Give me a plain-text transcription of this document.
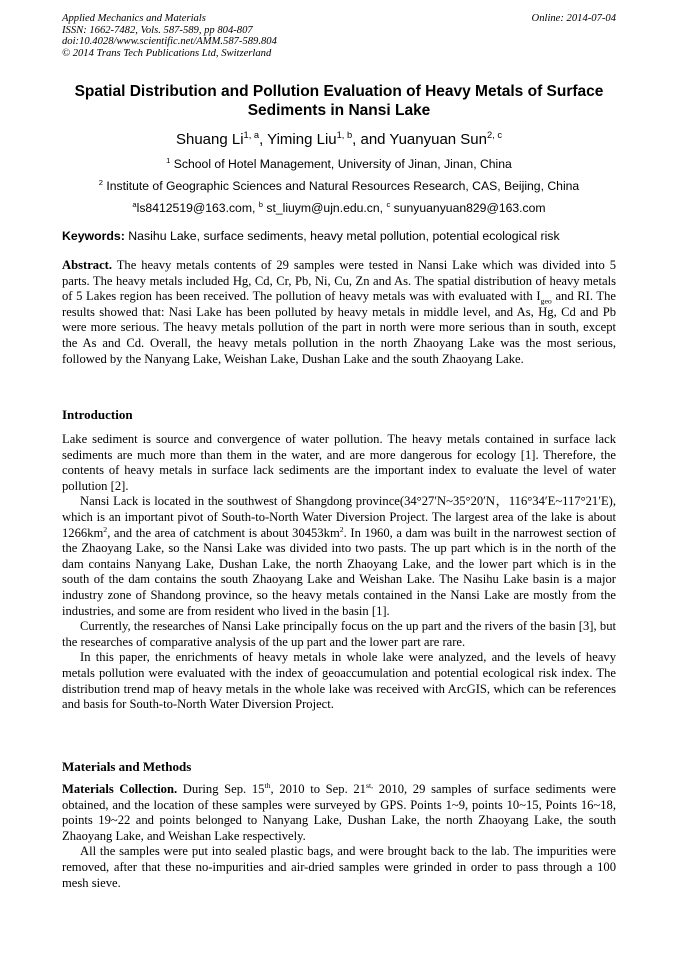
Applied Mechanics and Materials
ISSN: 1662-7482, Vols. 587-589, pp 804-807
doi:10.4028/www.scientific.net/AMM.587-589.804
© 2014 Trans Tech Publications Ltd, Switzerland
Online: 2014-07-04
Spatial Distribution and Pollution Evaluation of Heavy Metals of Surface Sediments in Nansi Lake
Shuang Li$^{1, a}$, Yiming Liu$^{1, b}$, and Yuanyuan Sun$^{2, c}$
$^1$ School of Hotel Management, University of Jinan, Jinan, China
$^2$ Institute of Geographic Sciences and Natural Resources Research, CAS, Beijing, China
$^a$ls8412519@163.com, $^b$ st_liuym@ujn.edu.cn, $^c$ sunyuanyuan829@163.com
Keywords: Nasihu Lake, surface sediments, heavy metal pollution, potential ecological risk

Abstract. The heavy metals contents of 29 samples were tested in Nansi Lake which was divided into 5 parts. The heavy metals included Hg, Cd, Cr, Pb, Ni, Cu, Zn and As. The spatial distribution of heavy metals of 5 Lakes region has been received. The pollution of heavy metals was with evaluated with $I_{geo}$ and RI. The results showed that: Nasi Lake has been polluted by heavy metals in middle level, and As, Hg, Cd and Pb were more serious. The heavy metals pollution of the part in north were more serious than in south, except the As and Cd. Overall, the heavy metals pollution in the north Zhaoyang Lake was the most serious, followed by the Nanyang Lake, Weishan Lake, Dushan Lake and the south Zhaoyang Lake.

Introduction

Lake sediment is source and convergence of water pollution. The heavy metals contained in surface lack sediments are much more than them in the water, and are more dangerous for ecology [1]. Therefore, the contents of heavy metals in surface lack sediments are the important index to evaluate the level of water pollution [2].

Nansi Lack is located in the southwest of Shangdong province(34°27′N~35°20′N，116°34′E~117°21′E), which is an important pivot of South-to-North Water Diversion Project. The largest area of the lake is about $1266km^2$, and the area of catchment is about $30453km^2$. In 1960, a dam was built in the narrowest section of the Zhaoyang Lake, so the Nansi Lake was divided into two pasts. The up part which is in the north of the dam contains Nanyang Lake, Dushan Lake, the north Zhaoyang Lake, and the lower part which is in the south of the dam contains the south Zhaoyang Lake and Weishan Lake. The Nasihu Lake basin is a major industry zone of Shandong province, so the heavy metals contained in the Nansi Lake are mostly from the industries, and some are from resident who lived in the basin [1].

Currently, the researches of Nansi Lake principally focus on the up part and the rivers of the basin [3], but the researches of comparative analysis of the up part and the lower part are rare.

In this paper, the enrichments of heavy metals in whole lake were analyzed, and the levels of heavy metals pollution were evaluated with the index of geoaccumulation and potential ecological risk index. The distribution trend map of heavy metals in the whole lake was received with ArcGIS, which can be references and basis for South-to-North Water Diversion Project.

Materials and Methods

Materials Collection. During Sep. 15th, 2010 to Sep. $21^{st,}$ 2010, 29 samples of surface sediments were obtained, and the location of these samples were surveyed by GPS. Points 1~9, points 10~15, Points 16~18, points 19~22 and points belonged to Nanyang Lake, Dushan Lake, the north Zhaoyang Lake, the south Zhaoyang Lake, and Weishan Lake respectively.

All the samples were put into sealed plastic bags, and were brought back to the lab. The impurities were removed, after that these no-impurities and air-dried samples were grinded in order to pass through a 100 mesh sieve.
